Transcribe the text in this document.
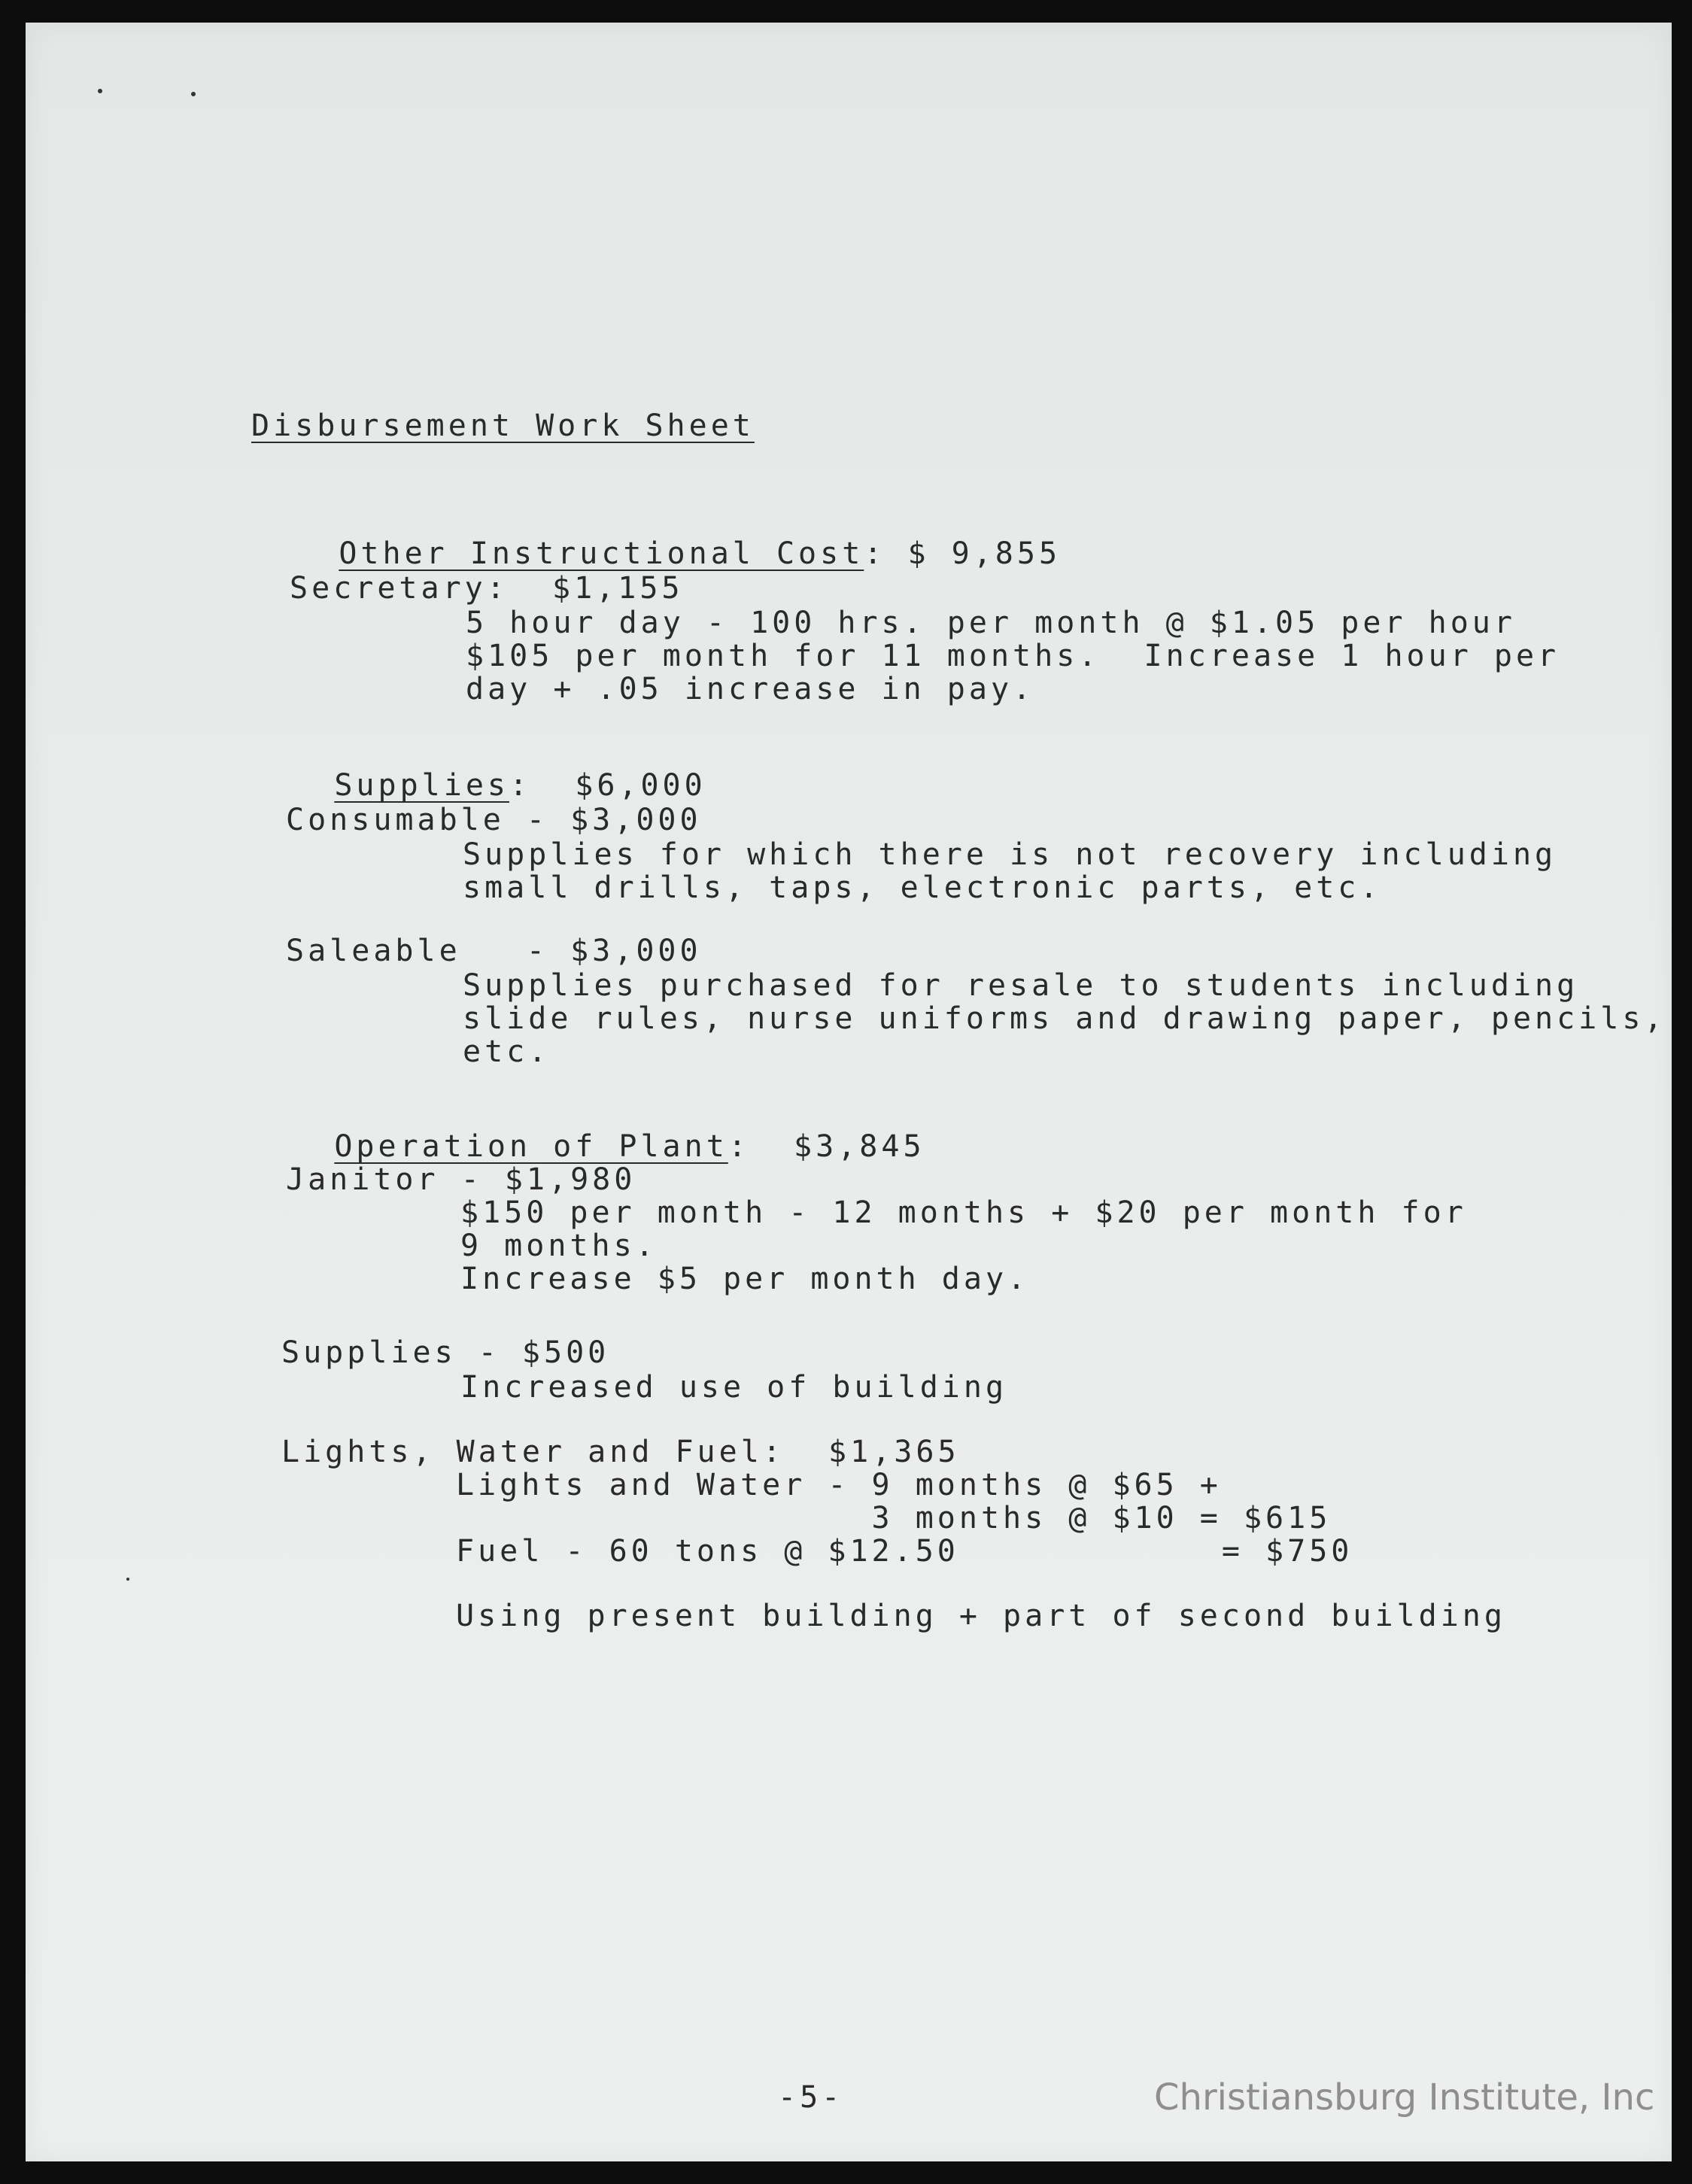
Disbursement Work Sheet

Other Instructional Cost: $ 9,855

Secretary:  $1,155
5 hour day - 100 hrs. per month @ $1.05 per hour
$105 per month for 11 months.  Increase 1 hour per
day + .05 increase in pay.

Supplies:  $6,000

Consumable - $3,000
Supplies for which there is not recovery including
small drills, taps, electronic parts, etc.
Saleable   - $3,000
Supplies purchased for resale to students including
slide rules, nurse uniforms and drawing paper, pencils,
etc.

Operation of Plant:  $3,845

Janitor - $1,980
$150 per month - 12 months + $20 per month for
9 months.
Increase $5 per month day.
Supplies - $500
Increased use of building
Lights, Water and Fuel:  $1,365
Lights and Water - 9 months @ $65 +
3 months @ $10 = $615
Fuel - 60 tons @ $12.50            = $750
Using present building + part of second building
-5-	Christiansburg Institute, Inc
